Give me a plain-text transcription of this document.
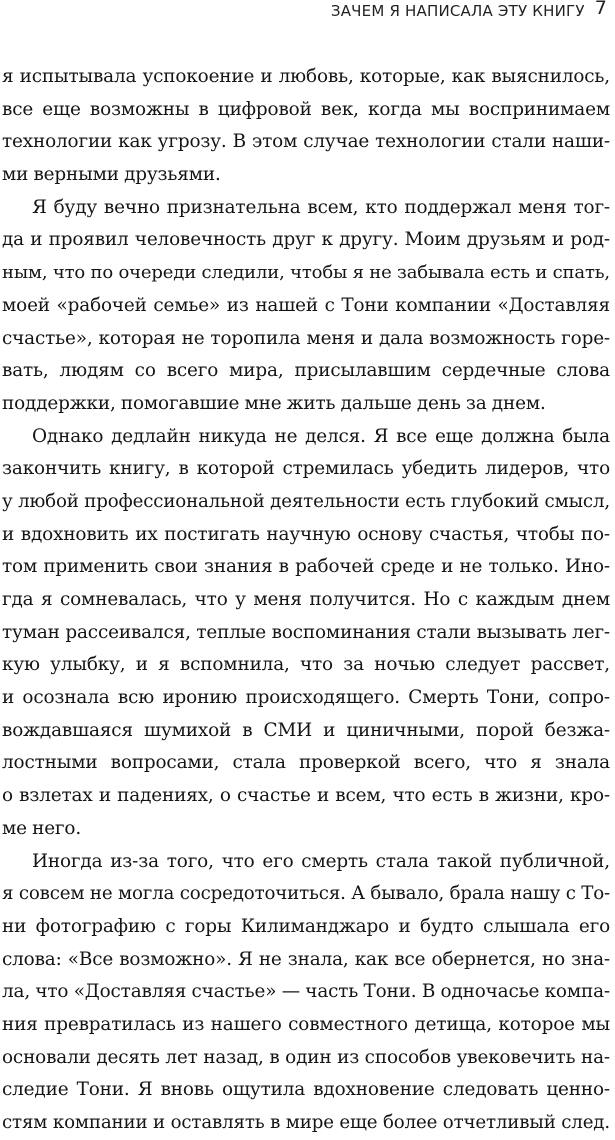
ЗАЧЕМ Я НАПИСАЛА ЭТУ КНИГУ 7
я испытывала успокоение и любовь, которые, как выяснилось,
все еще возможны в цифровой век, когда мы воспринимаем
технологии как угрозу. В этом случае технологии стали наши-
ми верными друзьями.
Я буду вечно признательна всем, кто поддержал меня тог-
да и проявил человечность друг к другу. Моим друзьям и род-
ным, что по очереди следили, чтобы я не забывала есть и спать,
моей «рабочей семье» из нашей с Тони компании «Доставляя
счастье», которая не торопила меня и дала возможность горе-
вать, людям со всего мира, присылавшим сердечные слова
поддержки, помогавшие мне жить дальше день за днем.
Однако дедлайн никуда не делся. Я все еще должна была
закончить книгу, в которой стремилась убедить лидеров, что
у любой профессиональной деятельности есть глубокий смысл,
и вдохновить их постигать научную основу счастья, чтобы по-
том применить свои знания в рабочей среде и не только. Ино-
гда я сомневалась, что у меня получится. Но с каждым днем
туман рассеивался, теплые воспоминания стали вызывать лег-
кую улыбку, и я вспомнила, что за ночью следует рассвет,
и осознала всю иронию происходящего. Смерть Тони, сопро-
вождавшаяся шумихой в СМИ и циничными, порой безжа-
лостными вопросами, стала проверкой всего, что я знала
о взлетах и падениях, о счастье и всем, что есть в жизни, кро-
ме него.
Иногда из-за того, что его смерть стала такой публичной,
я совсем не могла сосредоточиться. А бывало, брала нашу с То-
ни фотографию с горы Килиманджаро и будто слышала его
слова: «Все возможно». Я не знала, как все обернется, но зна-
ла, что «Доставляя счастье» — часть Тони. В одночасье компа-
ния превратилась из нашего совместного детища, которое мы
основали десять лет назад, в один из способов увековечить на-
следие Тони. Я вновь ощутила вдохновение следовать ценно-
стям компании и оставлять в мире еще более отчетливый след.
